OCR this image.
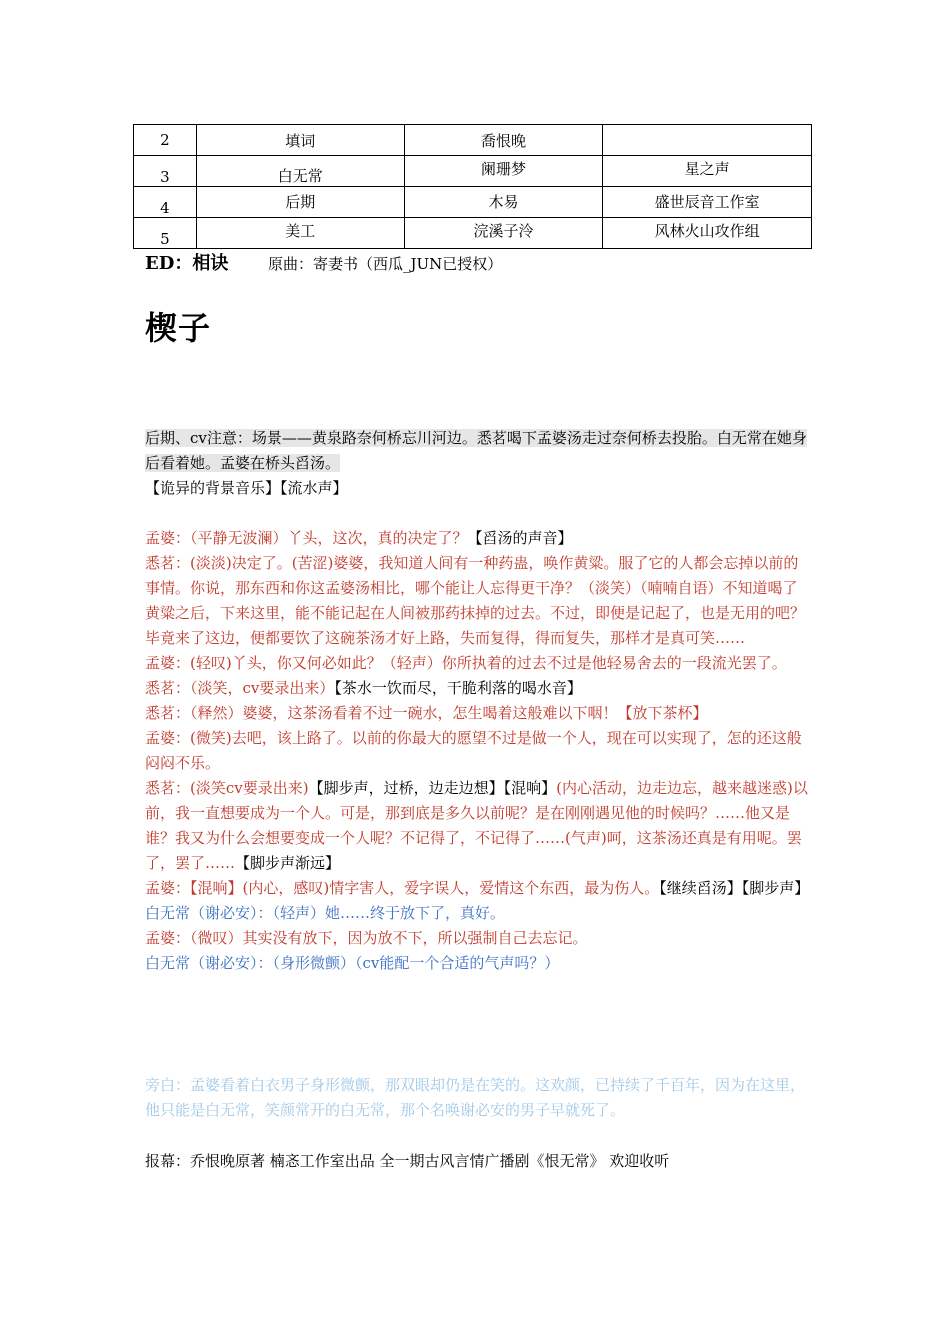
2	填词	喬恨晚	
3	白无常	阑珊梦	星之声
4	后期	木易	盛世辰音工作室
5	美工	浣溪子泠	风林火山攻作组
ED：相诀	原曲：寄妻书（西瓜_JUN已授权）
楔子
后期、cv注意：场景——黄泉路奈何桥忘川河边。悉茗喝下孟婆汤走过奈何桥去投胎。白无常在她身后看着她。孟婆在桥头舀汤。
【诡异的背景音乐】【流水声】
孟婆：（平静无波澜）丫头，这次，真的决定了？【舀汤的声音】
悉茗：(淡淡)决定了。(苦涩)婆婆，我知道人间有一种药蛊，唤作黄粱。服了它的人都会忘掉以前的事情。你说，那东西和你这孟婆汤相比，哪个能让人忘得更干净？（淡笑）（喃喃自语）不知道喝了黄粱之后，下来这里，能不能记起在人间被那药抹掉的过去。不过，即便是记起了，也是无用的吧？毕竟来了这边，便都要饮了这碗茶汤才好上路，失而复得，得而复失，那样才是真可笑……
孟婆：(轻叹)丫头，你又何必如此？（轻声）你所执着的过去不过是他轻易舍去的一段流光罢了。
悉茗：（淡笑，cv要录出来）【茶水一饮而尽，干脆利落的喝水音】
悉茗：（释然）婆婆，这茶汤看着不过一碗水，怎生喝着这般难以下咽！【放下茶杯】
孟婆：(微笑)去吧，该上路了。以前的你最大的愿望不过是做一个人，现在可以实现了，怎的还这般闷闷不乐。
悉茗：(淡笑cv要录出来)【脚步声，过桥，边走边想】【混响】(内心活动，边走边忘，越来越迷惑)以前，我一直想要成为一个人。可是，那到底是多久以前呢？是在刚刚遇见他的时候吗？……他又是谁？我又为什么会想要变成一个人呢？不记得了，不记得了……(气声)呵，这茶汤还真是有用呢。罢了，罢了……【脚步声渐远】
孟婆：【混响】(内心，感叹)情字害人，爱字误人，爱情这个东西，最为伤人。【继续舀汤】【脚步声】
白无常（谢必安）：（轻声）她……终于放下了，真好。
孟婆：（微叹）其实没有放下，因为放不下，所以强制自己去忘记。
白无常（谢必安）：（身形微颤）（cv能配一个合适的气声吗？）
旁白：孟婆看着白衣男子身形微颤，那双眼却仍是在笑的。这欢颜，已持续了千百年，因为在这里，他只能是白无常，笑颜常开的白无常，那个名唤谢必安的男子早就死了。
报幕：乔恨晚原著 楠忞工作室出品 全一期古风言情广播剧《恨无常》 欢迎收听
